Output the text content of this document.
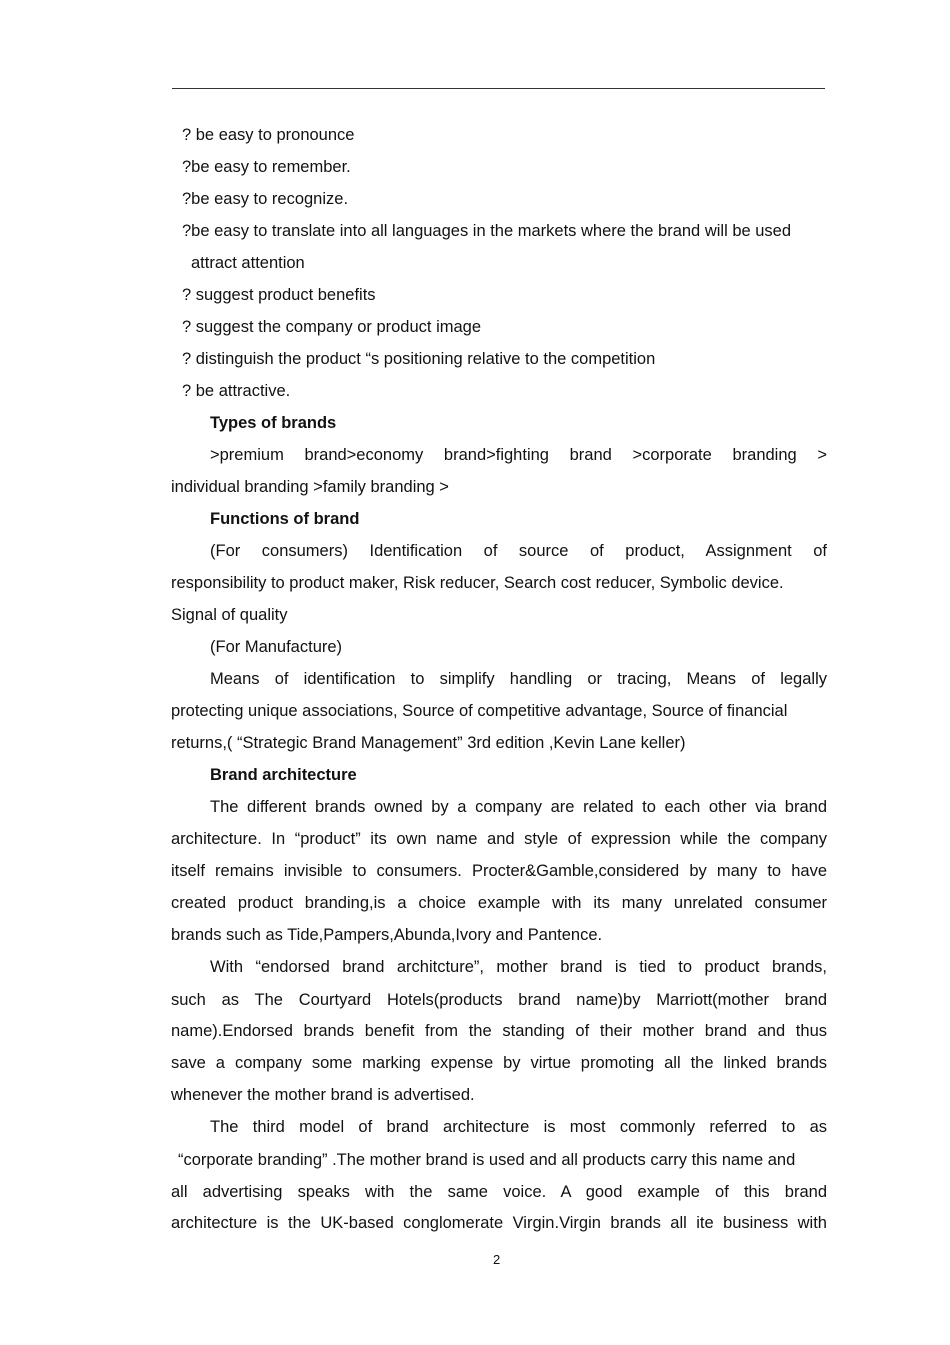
? be easy to pronounce
?be easy to remember.
?be easy to recognize.
?be easy to translate into all languages in the markets where the brand will be used
attract attention
? suggest product benefits
? suggest the company or product image
? distinguish the product “s positioning relative to the competition
? be attractive.
Types of brands
>premium brand>economy brand>fighting brand >corporate branding >
individual branding >family branding >
Functions of brand
(For consumers) Identification of source of product, Assignment of
responsibility to product maker, Risk reducer, Search cost reducer, Symbolic device.
Signal of quality
(For Manufacture)
Means of identification to simplify handling or tracing, Means of legally
protecting unique associations, Source of competitive advantage, Source of financial
returns,( “Strategic Brand Management” 3rd edition ,Kevin Lane keller)
Brand architecture
The different brands owned by a company are related to each other via brand
architecture. In “product” its own name and style of expression while the company
itself remains invisible to consumers. Procter&Gamble,considered by many to have
created product branding,is a choice example with its many unrelated consumer
brands such as Tide,Pampers,Abunda,Ivory and Pantence.
With “endorsed brand architcture”, mother brand is tied to product brands,
such as The Courtyard Hotels(products brand name)by Marriott(mother brand
name).Endorsed brands benefit from the standing of their mother brand and thus
save a company some marking expense by virtue promoting all the linked brands
whenever the mother brand is advertised.
The third model of brand architecture is most commonly referred to as
“corporate branding” .The mother brand is used and all products carry this name and
all advertising speaks with the same voice. A good example of this brand
architecture is the UK-based conglomerate Virgin.Virgin brands all ite business with
2
